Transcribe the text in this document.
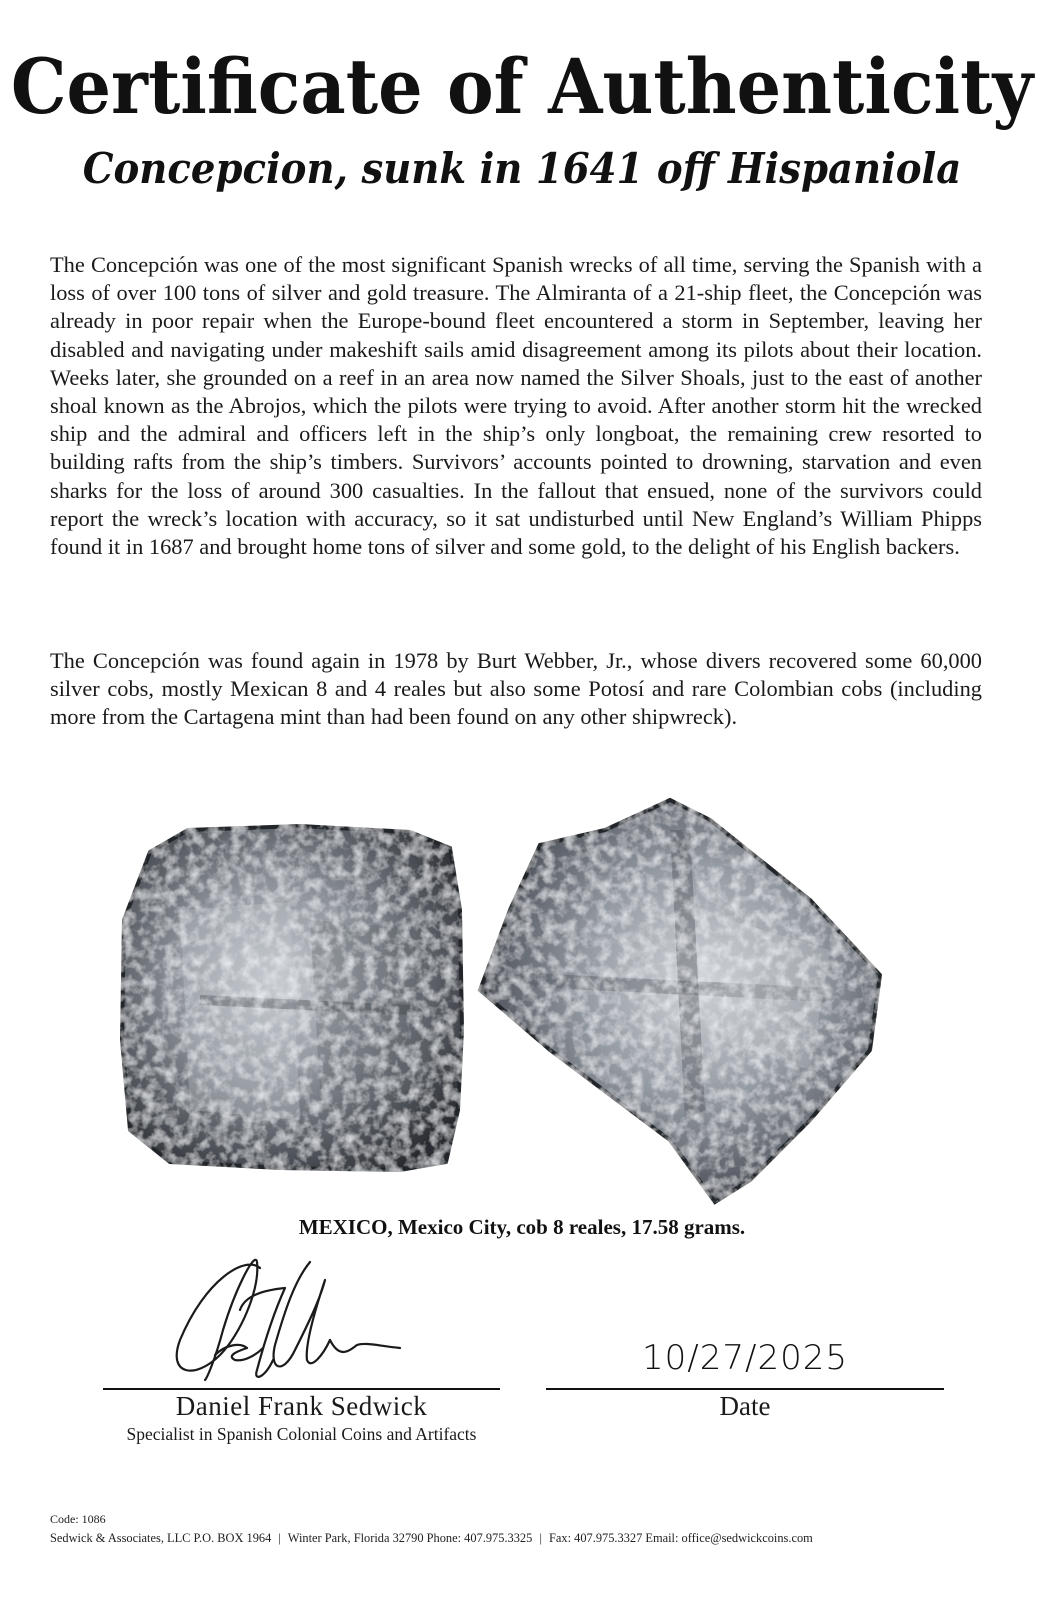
Certificate of Authenticity
Concepcion, sunk in 1641 off Hispaniola

The Concepción was one of the most significant Spanish wrecks of all time, serving the Spanish with a loss of over 100 tons of silver and gold treasure. The Almiranta of a 21-ship fleet, the Concepción was already in poor repair when the Europe-bound fleet encountered a storm in September, leaving her disabled and navigating under makeshift sails amid disagreement among its pilots about their location. Weeks later, she grounded on a reef in an area now named the Silver Shoals, just to the east of another shoal known as the Abrojos, which the pilots were trying to avoid. After another storm hit the wrecked ship and the admiral and officers left in the ship’s only longboat, the remaining crew resorted to building rafts from the ship’s timbers. Survivors’ accounts pointed to drowning, starvation and even sharks for the loss of around 300 casualties. In the fallout that ensued, none of the survivors could report the wreck’s location with accuracy, so it sat undisturbed until New England’s William Phipps found it in 1687 and brought home tons of silver and some gold, to the delight of his English backers.

The Concepción was found again in 1978 by Burt Webber, Jr., whose divers recovered some 60,000 silver cobs, mostly Mexican 8 and 4 reales but also some Potosí and rare Colombian cobs (including more from the Cartagena mint than had been found on any other shipwreck).

MEXICO, Mexico City, cob 8 reales, 17.58 grams.
10/27/2025
Daniel Frank Sedwick
Specialist in Spanish Colonial Coins and Artifacts
Date
Code: 1086
Sedwick & Associates, LLC P.O. BOX 1964 | Winter Park, Florida 32790 Phone: 407.975.3325 | Fax: 407.975.3327 Email: office@sedwickcoins.com
